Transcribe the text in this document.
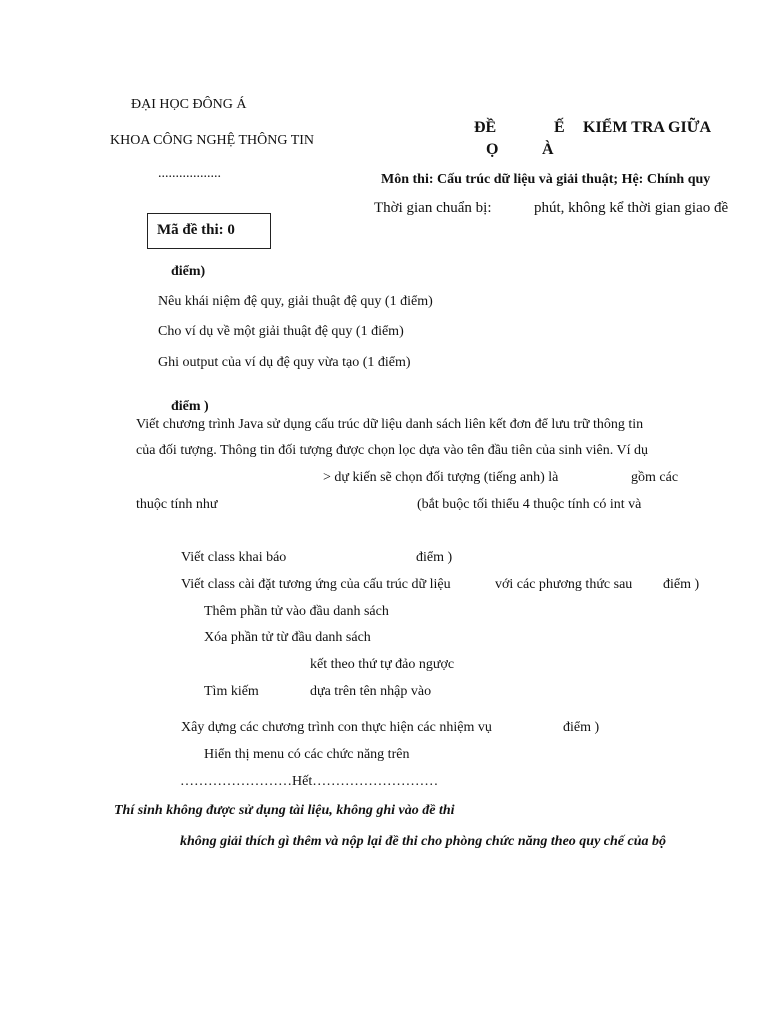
ĐẠI HỌC ĐÔNG Á
KHOA CÔNG NGHỆ THÔNG TIN
..................
ĐỀ	Ế KIỂM TRA GIỮA
Ọ	À
Môn thi: Cấu trúc dữ liệu và giải thuật; Hệ: Chính quy
Thời gian chuẩn bị:	phút, không kể thời gian giao đề
Mã đề thi: 0
điểm)
Nêu khái niệm đệ quy, giải thuật đệ quy (1 điểm)
Cho ví dụ về một giải thuật đệ quy (1 điểm)
Ghi output của ví dụ đệ quy vừa tạo (1 điểm)
điểm )
Viết chương trình Java sử dụng cấu trúc dữ liệu danh sách liên kết đơn để lưu trữ thông tin
của đối tượng. Thông tin đối tượng được chọn lọc dựa vào tên đầu tiên của sinh viên. Ví dụ
> dự kiến sẽ chọn đối tượng (tiếng anh) là	gồm các
thuộc tính như	(bắt buộc tối thiểu 4 thuộc tính có int và
Viết class khai báo	điểm )
Viết class cài đặt tương ứng của cấu trúc dữ liệu	với các phương thức sau điểm )
Thêm phần tử vào đầu danh sách
Xóa phần tử từ đầu danh sách
kết theo thứ tự đảo ngược
Tìm kiếm	dựa trên tên nhập vào
Xây dựng các chương trình con thực hiện các nhiệm vụ	điểm )
Hiển thị menu có các chức năng trên
……………………Hết………………………
Thí sinh không được sử dụng tài liệu, không ghi vào đề thi
không giải thích gì thêm và nộp lại đề thi cho phòng chức năng theo quy chế của bộ
